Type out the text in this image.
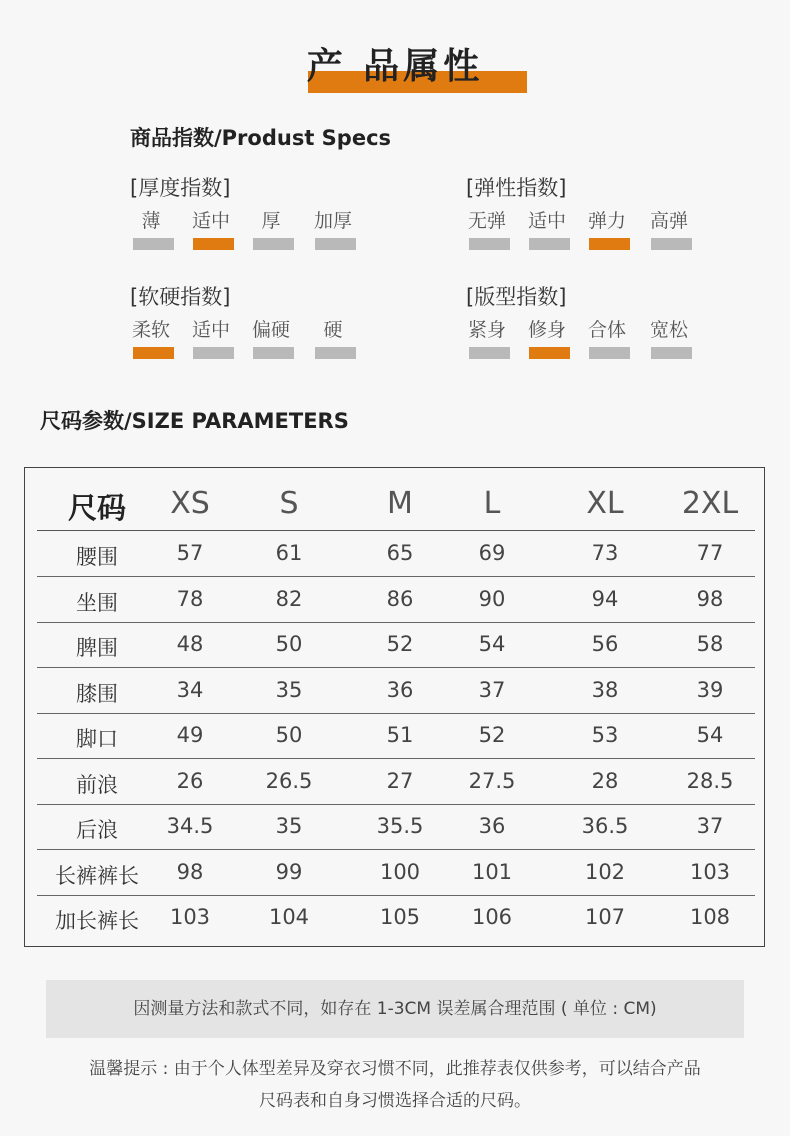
产 品属性
商品指数/Produst Specs
[厚度指数]
薄	适中	厚	加厚
[弹性指数]
无弹 适中 弹力 高弹
[软硬指数]
柔软 适中 偏硬	硬
[版型指数]
紧身 修身 合体 宽松
尺码参数/SIZE PARAMETERS
尺码	XS	S	M	L	XL	2XL
腰围	57	61	65	69	73	77
坐围	78	82	86	90	94	98
脾围	48	50	52	54	56	58
膝围	34	35	36	37	38	39
脚口	49	50	51	52	53	54
前浪	26	26.5	27	27.5	28	28.5
后浪	34.5	35	35.5	36	36.5	37
长裤裤长	98	99	100	101	102	103
加长裤长	103	104	105	106	107	108
因测量方法和款式不同，如存在 1-3CM 误差属合理范围 ( 单位 : CM)
温馨提示 : 由于个人体型差异及穿衣习惯不同，此推荐表仅供参考，可以结合产品
尺码表和自身习惯选择合适的尺码。
